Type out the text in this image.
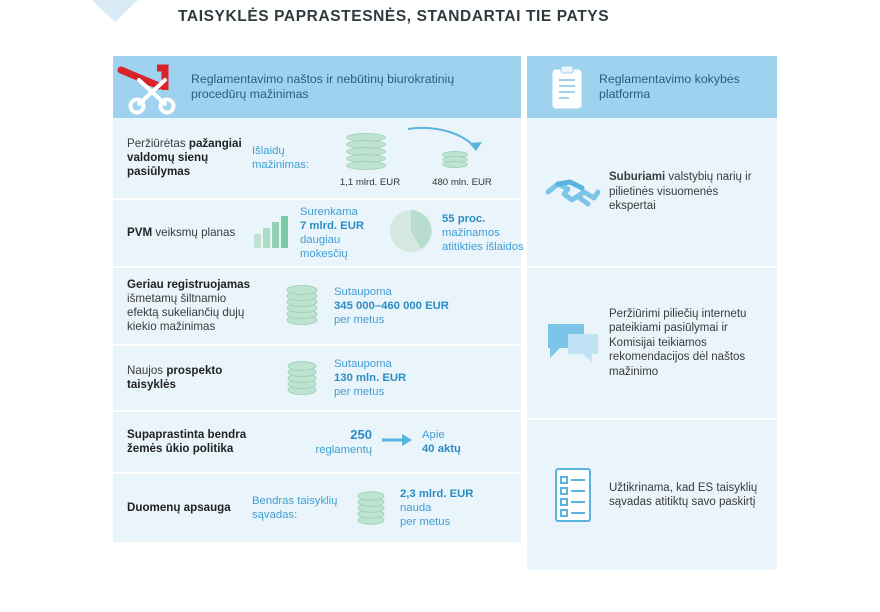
TAISYKLĖS PAPRASTESNĖS, STANDARTAI TIE PATYS
Reglamentavimo naštos ir nebūtinų biurokratinių procedūrų mažinimas
Peržiūrėtas pažangiai valdomų sienų pasiūlymas
Išlaidų mažinimas:
1,1 mlrd. EUR	480 mln. EUR
PVM veiksmų planas
Surenkama
7 mlrd. EUR
daugiau mokesčių
55 proc.
mažinamos atitikties išlaidos
Geriau registruojamas išmetamų šiltnamio efektą sukeliančių dujų kiekio mažinimas
Sutaupoma
345 000–460 000 EUR
per metus
Naujos prospekto taisyklės
Sutaupoma
130 mln. EUR
per metus
Supaprastinta bendra žemės ūkio politika
250
reglamentų
Apie
40 aktų
Duomenų apsauga	Bendras taisyklių sąvadas:
2,3 mlrd. EUR
nauda
per metus
Reglamentavimo kokybės platforma
Suburiami valstybių narių ir pilietinės visuomenės ekspertai
Peržiūrimi piliečių internetu pateikiami pasiūlymai ir Komisijai teikiamos rekomendacijos dėl naštos mažinimo
Užtikrinama, kad ES taisyklių sąvadas atitiktų savo paskirtį
